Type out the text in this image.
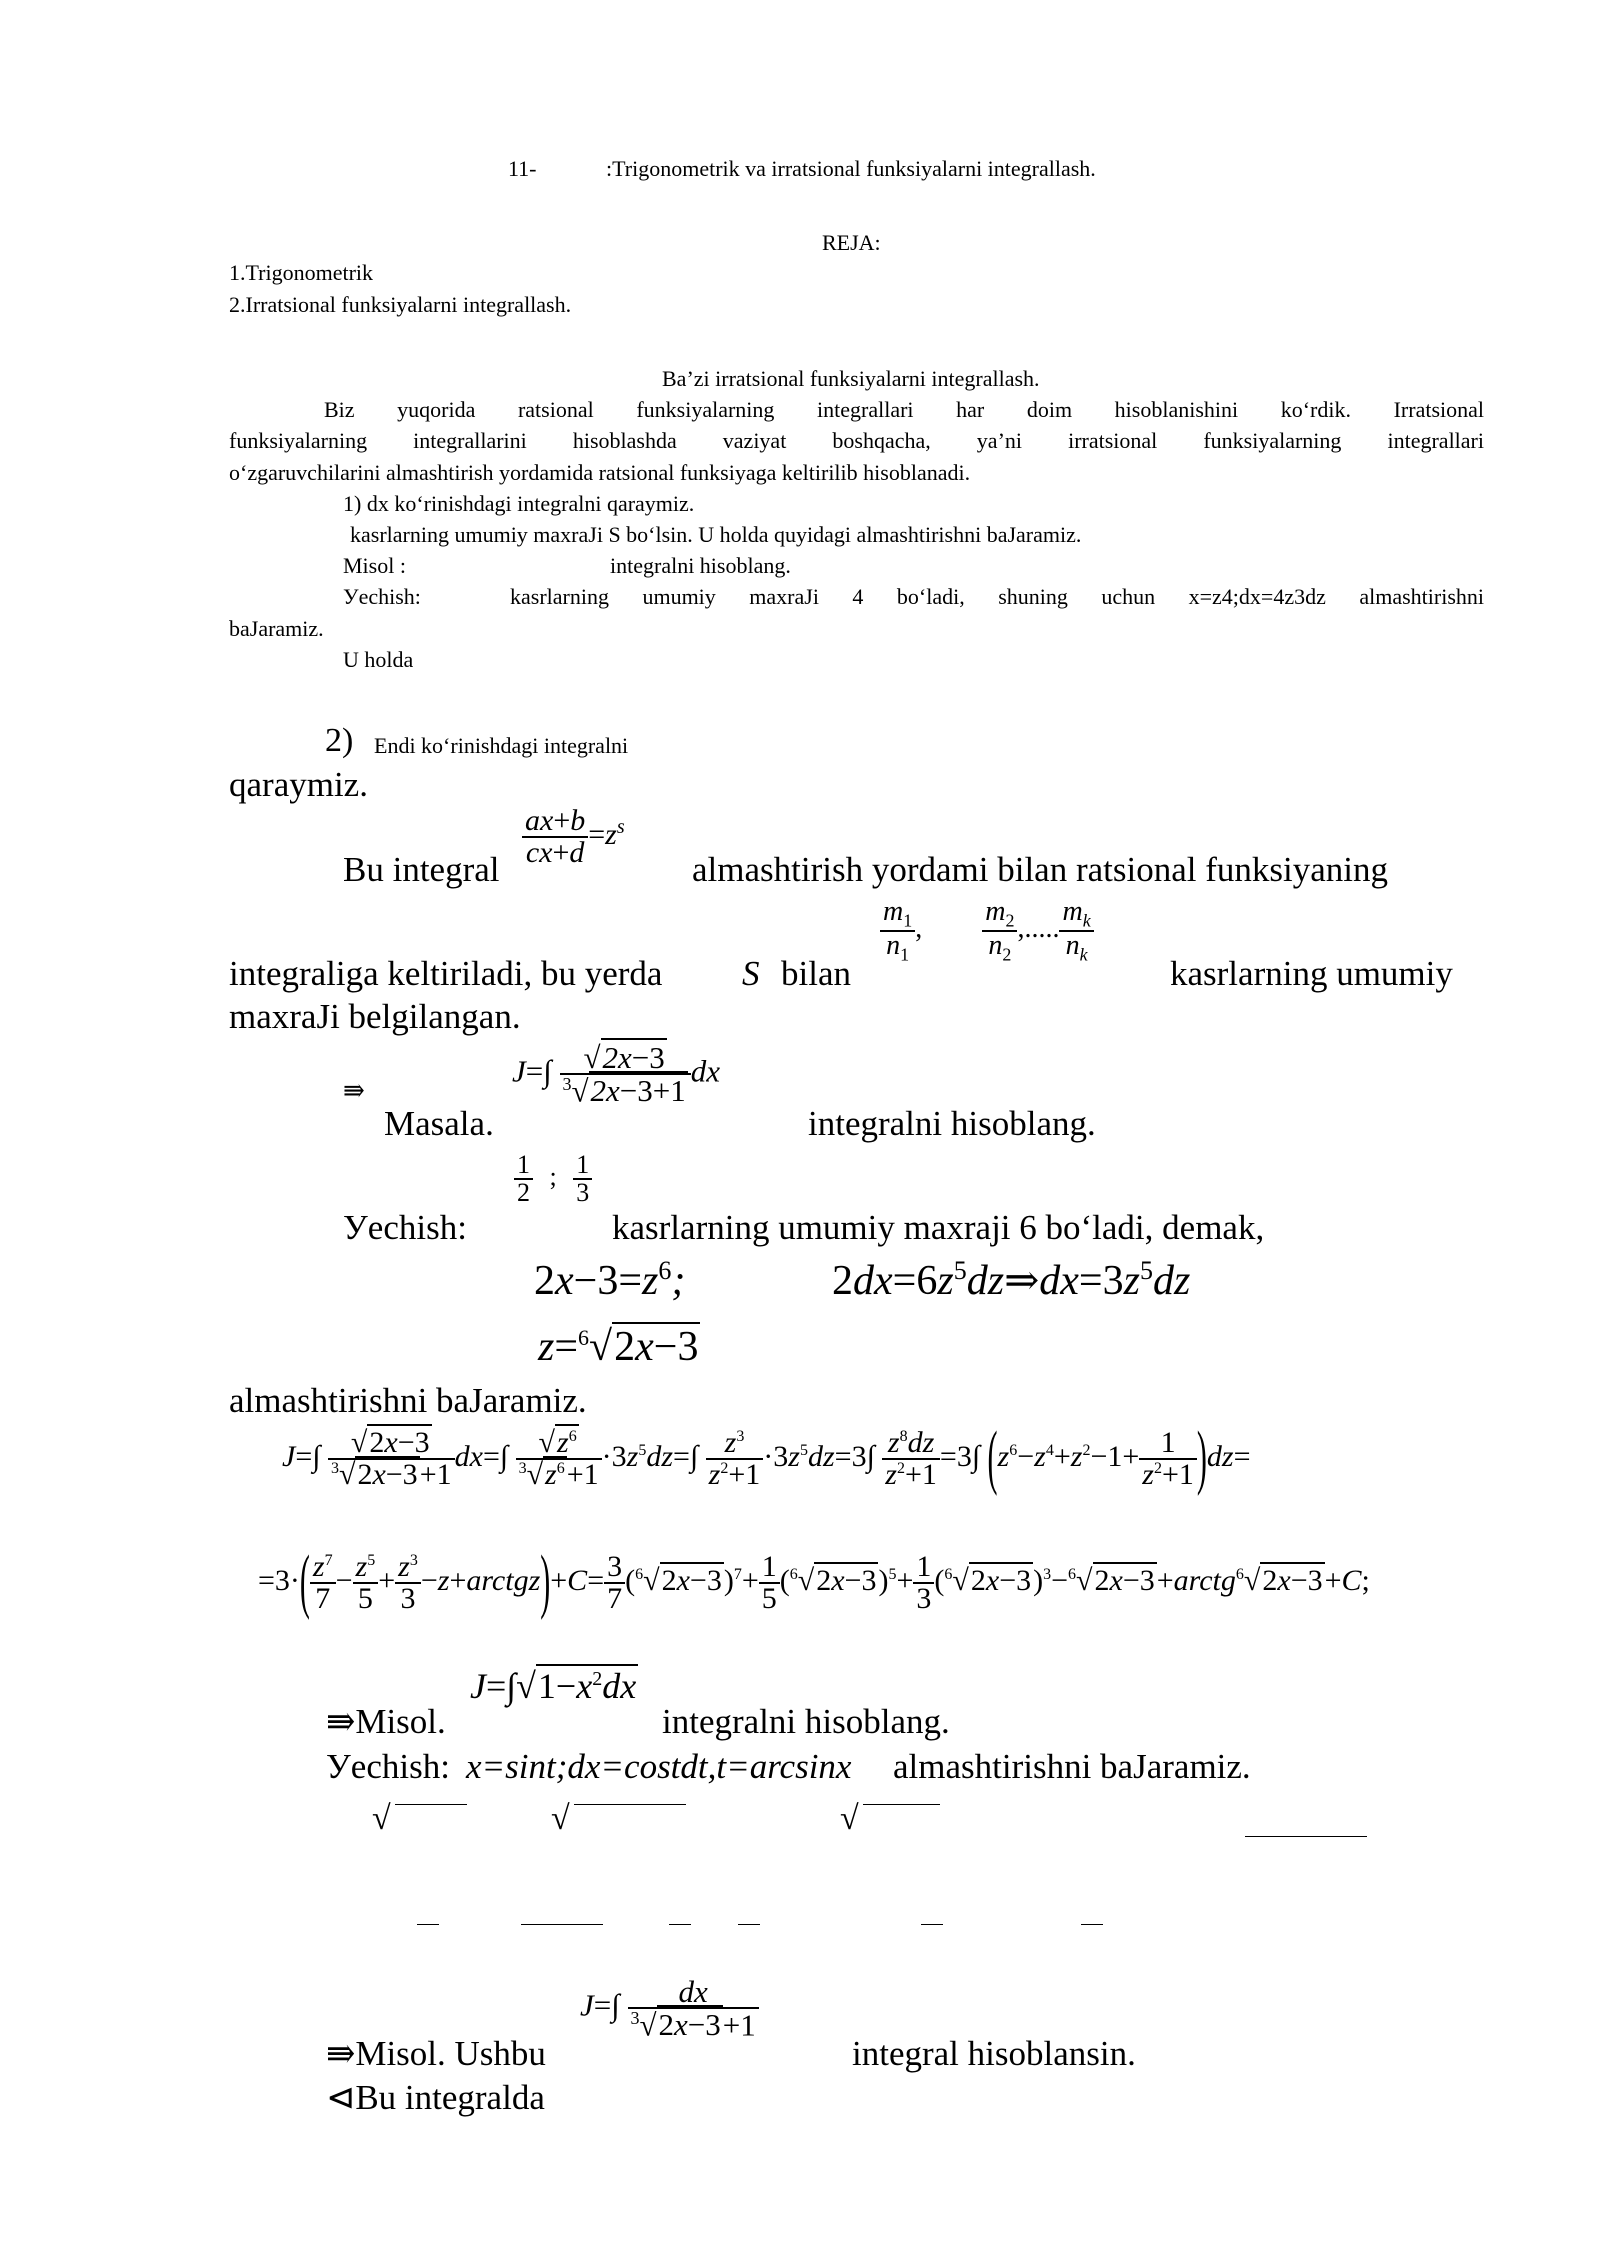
11-	:Trigonometrik va irratsional funksiyalarni integrallash.
REJA:
1.Trigonometrik
2.Irratsional funksiyalarni integrallash.
Ba’zi irratsional funksiyalarni integrallash.
Biz yuqorida ratsional funksiyalarning integrallari har doim hisoblanishini ko‘rdik. Irratsional
funksiyalarning integrallarini hisoblashda vaziyat boshqacha, ya’ni irratsional funksiyalarning integrallari
o‘zgaruvchilarini almashtirish yordamida ratsional funksiyaga keltirilib hisoblanadi.
1) dx ko‘rinishdagi integralni qaraymiz.
kasrlarning umumiy maxraJi S bo‘lsin. U holda quyidagi almashtirishni baJaramiz.
Misol :	integralni hisoblang.
Уechish:	kasrlarning umumiy maxraJi 4 bo‘ladi, shuning uchun x=z4;dx=4z3dz almashtirishni
baJaramiz.
U holda
2) Endi ko‘rinishdagi integralni
qaraymiz.
Bu integral
$\frac{ax+b}{cx+d} =z^s$
almashtirish yordami bilan ratsional funksiyaning
$\frac{m_1}{n_1}$ , $\frac{m_2}{n_2}$ ,..... $\frac{m_k}{n_k}$
integraliga keltiriladi, bu yerda S bilan	kasrlarning umumiy
maxraJi belgilangan.
⇛
Masala.
$J=\int \frac{√2x-3}{^3√2x-3+1}$ dx
integralni hisoblang.
Уechish:
$\frac{1}{2}$ ; $\frac{1}{3}$
kasrlarning umumiy maxraji 6 bo‘ladi, demak,
$2x-3=z^6$;	$2dx=6z^5dz\Rightarrow dx=3z^5dz$
z=$^6$√2x−3
almashtirishni baJaramiz.
$J=\int \frac{√2x-3}{^3√2x-3+1} dx=\int \frac{√z^6}{^3√z^6+1} \cdot 3z^5dz=\int \frac{z^3}{z^2+1} \cdot 3z^5dz=3\int \frac{z^8dz}{z^2+1} =3\int$ $(z^6-z^4+z^2-1+ \frac{1}{z^2+1} )dz=$
$=3\cdot( \frac{z^7}{7} - \frac{z^5}{5} + \frac{z^3}{3}$ −z+arctgz)+C= $\frac{3}{7} (^6√2x-3)^7+ \frac{1}{5} (^6√2x-3)^5+ \frac{1}{3}$ $(^6√2x-3)^3-^6√2x-3+arctg^6√2x-3+C$;
⇛Misol.
$J=\int√1-x^2dx$
integralni hisoblang.
Уechish: x=sint;dx=costdt,t=arcsinx almashtirishni baJaramiz.
√	√	√
$J=\int \frac{dx}{^3√2x-3+1}$
⇛Misol. Ushbu	integral hisoblansin.
⊲Bu integralda
